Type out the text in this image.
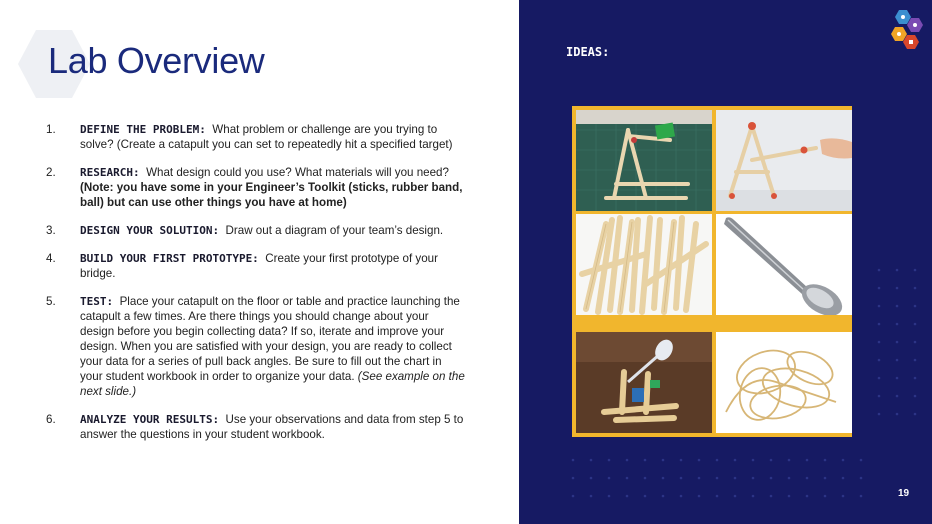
Lab Overview
1. DEFINE THE PROBLEM: What problem or challenge are you trying to solve? (Create a catapult you can set to repeatedly hit a specified target)
2. RESEARCH: What design could you use? What materials will you need? (Note: you have some in your Engineer’s Toolkit (sticks, rubber band, ball) but can use other things you have at home)
3. DESIGN YOUR SOLUTION: Draw out a diagram of your team’s design.
4. BUILD YOUR FIRST PROTOTYPE: Create your first prototype of your bridge.
5. TEST: Place your catapult on the floor or table and practice launching the catapult a few times. Are there things you should change about your design before you begin collecting data? If so, iterate and improve your design. When you are satisfied with your design, you are ready to collect your data for a series of pull back angles. Be sure to fill out the chart in your student workbook in order to organize your data. (See example on the next slide.)
6. ANALYZE YOUR RESULTS: Use your observations and data from step 5 to answer the questions in your student workbook.
IDEAS:
19
